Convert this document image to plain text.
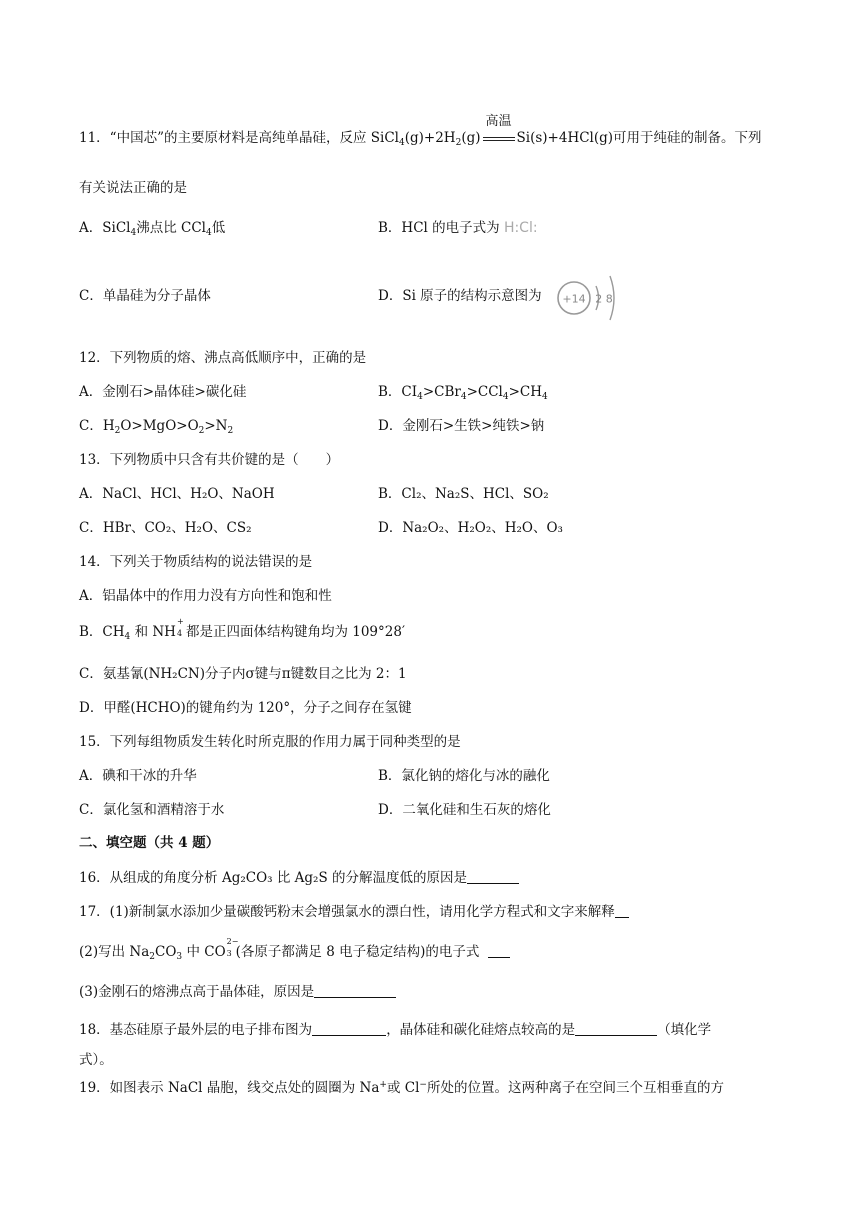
11．“中国芯”的主要原材料是高纯单晶硅，反应 $SiCl_4(g)+2H_2(g)$
高温
Si(s)+4HCl(g)可用于纯硅的制备。下列
有关说法正确的是
A．SiCl$_4$沸点比 CCl$_4$低	B．HCl 的电子式为 H:Cl:
C．单晶硅为分子晶体	D．Si 原子的结构示意图为 +14 2 8
12．下列物质的熔、沸点高低顺序中，正确的是
A．金刚石>晶体硅>碳化硅	B．$CI_4>CBr_4>CCl_4>CH_4$
C．$H_2O>MgO>O_2>N_2$	D．金刚石>生铁>纯铁>钠
13．下列物质中只含有共价键的是（　　）
A．NaCl、HCl、H₂O、NaOH	B．Cl₂、Na₂S、HCl、SO₂
C．HBr、CO₂、H₂O、CS₂	D．Na₂O₂、H₂O₂、H₂O、O₃
14．下列关于物质结构的说法错误的是
A．铝晶体中的作用力没有方向性和饱和性
B．$CH_4$ 和 NH
+
4 都是正四面体结构键角均为 109°28′
C．氨基氰(NH₂CN)分子内σ键与π键数目之比为 2：1
D．甲醛(HCHO)的键角约为 120°，分子之间存在氢键
15．下列每组物质发生转化时所克服的作用力属于同种类型的是
A．碘和干冰的升华	B．氯化钠的熔化与冰的融化
C．氯化氢和酒精溶于水	D．二氧化硅和生石灰的熔化
二、填空题（共 4 题）
16．从组成的角度分析 Ag₂CO₃ 比 Ag₂S 的分解温度低的原因是
17．(1)新制氯水添加少量碳酸钙粉末会增强氯水的漂白性，请用化学方程式和文字来解释
(2)写出 $Na_2CO_3$ 中 CO
2−
3 (各原子都满足 8 电子稳定结构)的电子式
(3)金刚石的熔沸点高于晶体硅，原因是
18．基态硅原子最外层的电子排布图为	，晶体硅和碳化硅熔点较高的是	（填化学
式）。
19．如图表示 NaCl 晶胞，线交点处的圆圈为 Na+或 Cl−所处的位置。这两种离子在空间三个互相垂直的方
